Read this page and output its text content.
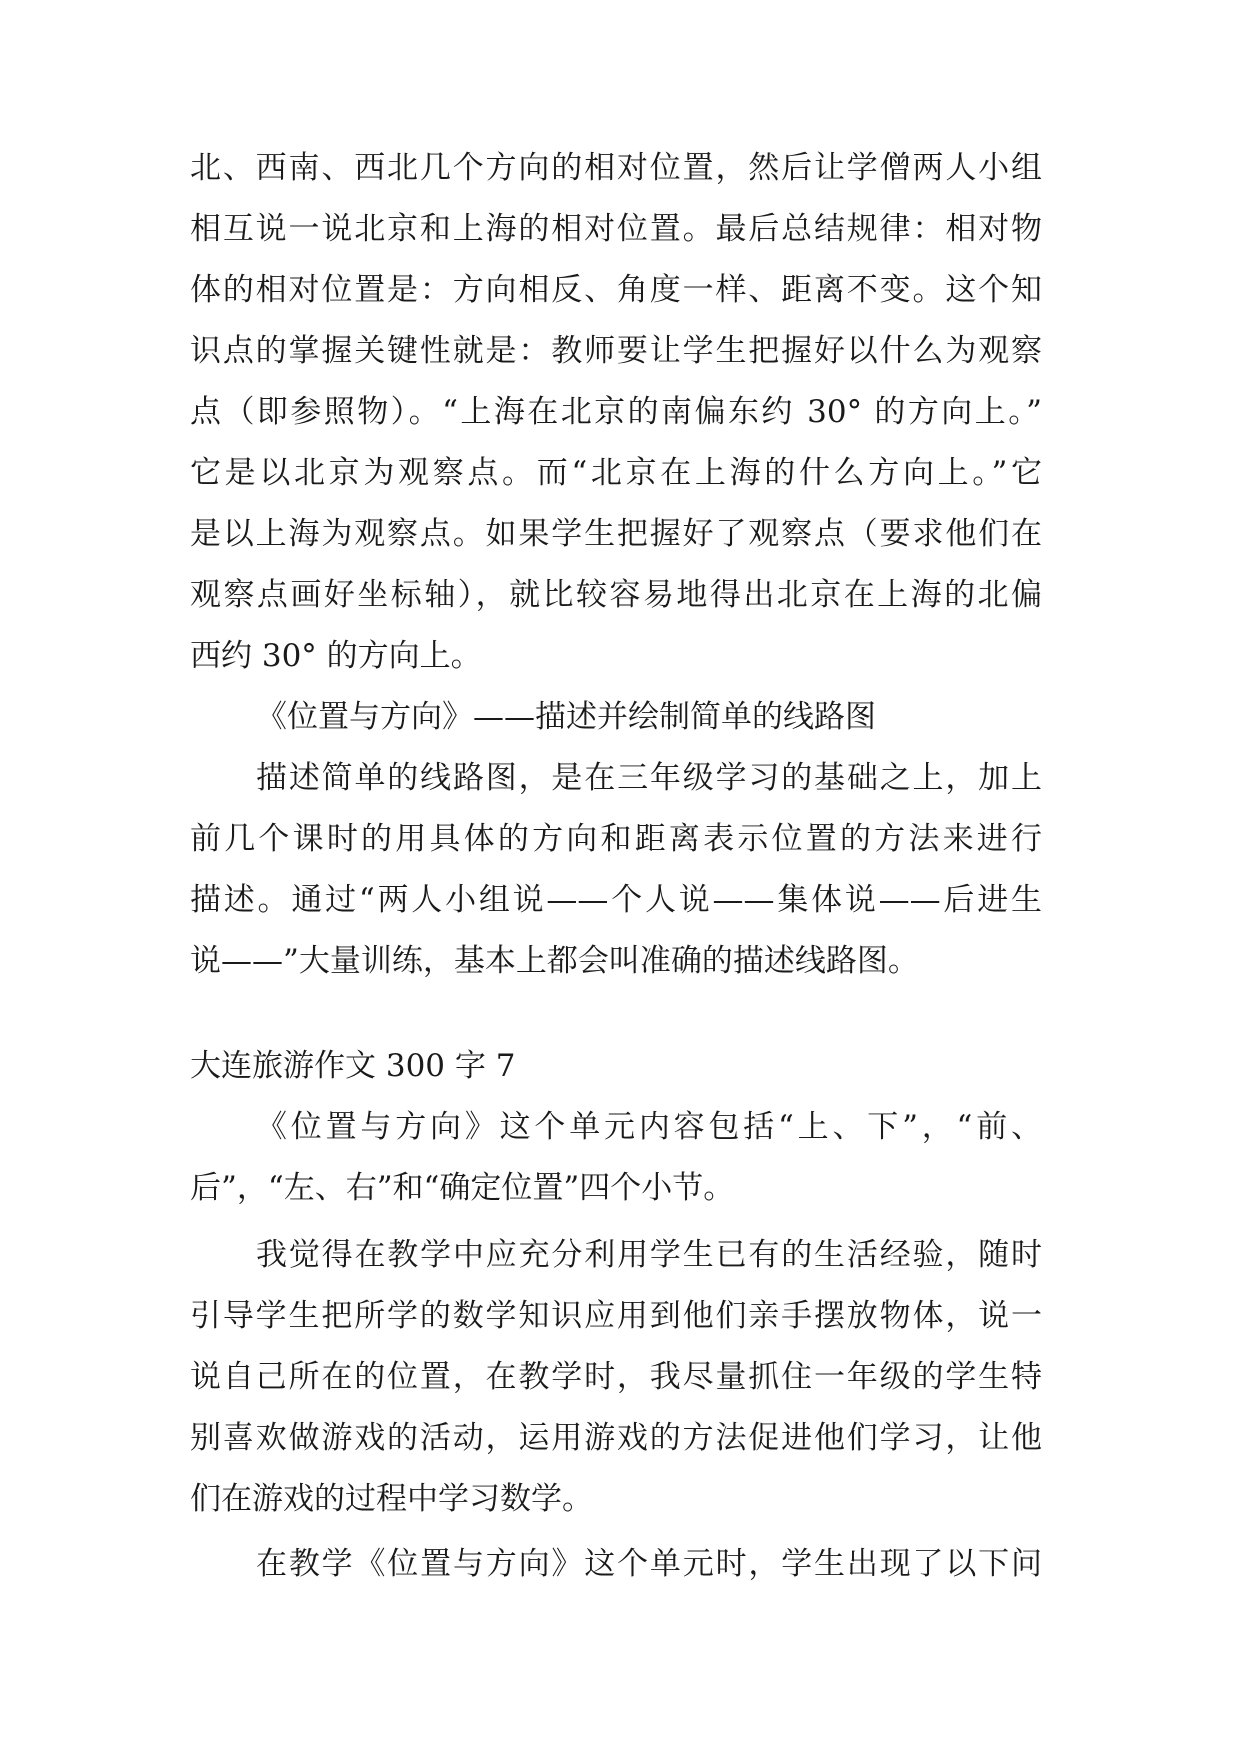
北、西南、西北几个方向的相对位置，然后让学僧两人小组
相互说一说北京和上海的相对位置。最后总结规律：相对物
体的相对位置是：方向相反、角度一样、距离不变。这个知
识点的掌握关键性就是：教师要让学生把握好以什么为观察
点（即参照物）。“上海在北京的南偏东约 30° 的方向上。”
它是以北京为观察点。而“北京在上海的什么方向上。”它
是以上海为观察点。如果学生把握好了观察点（要求他们在
观察点画好坐标轴），就比较容易地得出北京在上海的北偏
西约 30° 的方向上。
《位置与方向》——描述并绘制简单的线路图
描述简单的线路图，是在三年级学习的基础之上，加上
前几个课时的用具体的方向和距离表示位置的方法来进行
描述。通过“两人小组说——个人说——集体说——后进生
说——”大量训练，基本上都会叫准确的描述线路图。
大连旅游作文 300 字 7
《位置与方向》这个单元内容包括“上、下”，“前、
后”，“左、右”和“确定位置”四个小节。
我觉得在教学中应充分利用学生已有的生活经验，随时
引导学生把所学的数学知识应用到他们亲手摆放物体，说一
说自己所在的位置，在教学时，我尽量抓住一年级的学生特
别喜欢做游戏的活动，运用游戏的方法促进他们学习，让他
们在游戏的过程中学习数学。
在教学《位置与方向》这个单元时，学生出现了以下问
